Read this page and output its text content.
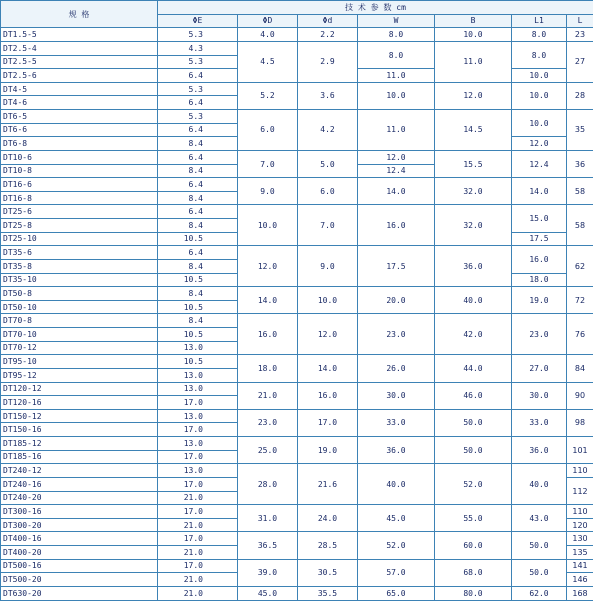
规 格	技 术 参 数 cm						
	ΦE	ΦD	Φd	W	B	L1	L
DT1.5-5	5.3	4.0	2.2	8.0	10.0	8.0	23
DT2.5-4	4.3	4.5	2.9	8.0	11.0	8.0	27
DT2.5-5	5.3						
DT2.5-6	6.4			11.0		10.0	
DT4-5	5.3	5.2	3.6	10.0	12.0	10.0	28
DT4-6	6.4						
DT6-5	5.3	6.0	4.2	11.0	14.5	10.0	35
DT6-6	6.4						
DT6-8	8.4					12.0	
DT10-6	6.4	7.0	5.0	12.0	15.5	12.4	36
DT10-8	8.4			12.4			
DT16-6	6.4	9.0	6.0	14.0	32.0	14.0	58
DT16-8	8.4						
DT25-6	6.4	10.0	7.0	16.0	32.0	15.0	58
DT25-8	8.4						
DT25-10	10.5					17.5	
DT35-6	6.4	12.0	9.0	17.5	36.0	16.0	62
DT35-8	8.4						
DT35-10	10.5					18.0	
DT50-8	8.4	14.0	10.0	20.0	40.0	19.0	72
DT50-10	10.5						
DT70-8	8.4	16.0	12.0	23.0	42.0	23.0	76
DT70-10	10.5						
DT70-12	13.0						
DT95-10	10.5	18.0	14.0	26.0	44.0	27.0	84
DT95-12	13.0						
DT120-12	13.0	21.0	16.0	30.0	46.0	30.0	90
DT120-16	17.0						
DT150-12	13.0	23.0	17.0	33.0	50.0	33.0	98
DT150-16	17.0						
DT185-12	13.0	25.0	19.0	36.0	50.0	36.0	101
DT185-16	17.0						
DT240-12	13.0	28.0	21.6	40.0	52.0	40.0	110
DT240-16	17.0						112
DT240-20	21.0						
DT300-16	17.0	31.0	24.0	45.0	55.0	43.0	110
DT300-20	21.0						120
DT400-16	17.0	36.5	28.5	52.0	60.0	50.0	130
DT400-20	21.0						135
DT500-16	17.0	39.0	30.5	57.0	68.0	50.0	141
DT500-20	21.0						146
DT630-20	21.0	45.0	35.5	65.0	80.0	62.0	168
